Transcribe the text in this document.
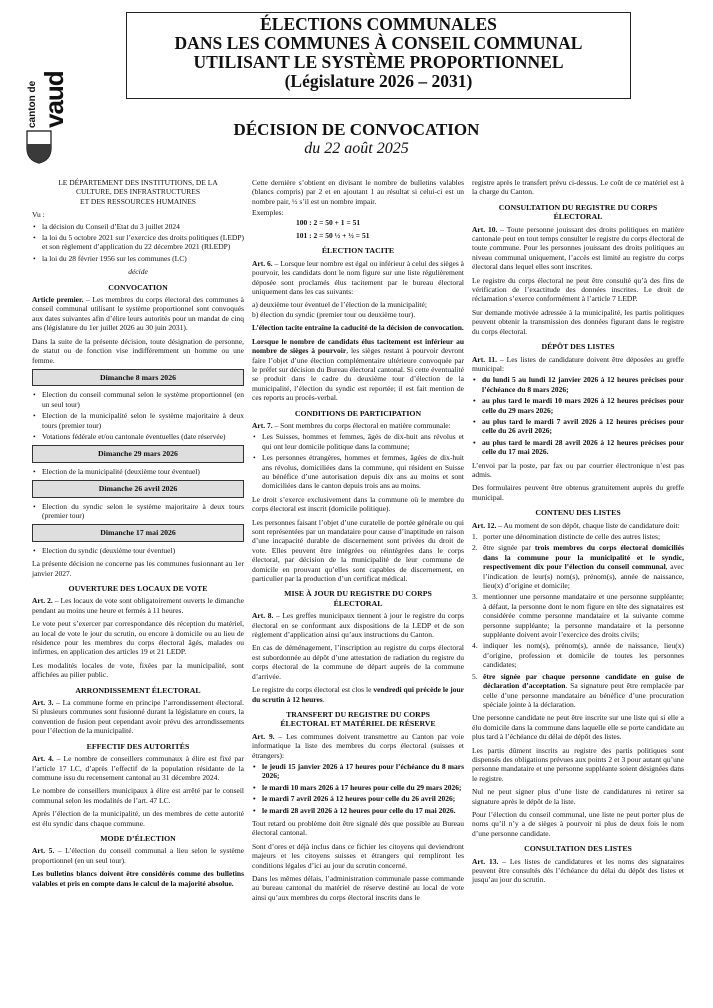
canton de
vaud
ÉLECTIONS COMMUNALES
DANS LES COMMUNES À CONSEIL COMMUNAL
UTILISANT LE SYSTÈME PROPORTIONNEL
(Législature 2026 – 2031)
DÉCISION DE CONVOCATION
du 22 août 2025

LE DÉPARTEMENT DES INSTITUTIONS, DE LA

CULTURE, DES INFRASTRUCTURES

ET DES RESSOURCES HUMAINES

Vu :

• la décision du Conseil d’Etat du 3 juillet 2024
• la loi du 5 octobre 2021 sur l’exercice des droits politiques (LEDP) et son règlement d’application du 22 décembre 2021 (RLEDP)
• la loi du 28 février 1956 sur les communes (LC)
décide
CONVOCATION

Article premier. – Les membres du corps électoral des communes à conseil communal utilisant le système proportionnel sont convoqués aux dates suivantes afin d’élire leurs autorités pour un mandat de cinq ans (législature du 1er juillet 2026 au 30 juin 2031).

Dans la suite de la présente décision, toute désignation de personne, de statut ou de fonction vise indifféremment un homme ou une femme.

Dimanche 8 mars 2026
• Election du conseil communal selon le système proportionnel (en un seul tour)
• Election de la municipalité selon le système majoritaire à deux tours (premier tour)
• Votations fédérale et/ou cantonale éventuelles (date réservée)
Dimanche 29 mars 2026
• Election de la municipalité (deuxième tour éventuel)
Dimanche 26 avril 2026
• Election du syndic selon le système majoritaire à deux tours (premier tour)
Dimanche 17 mai 2026
• Election du syndic (deuxième tour éventuel)

La présente décision ne concerne pas les communes fusionnant au 1er janvier 2027.

OUVERTURE DES LOCAUX DE VOTE

Art. 2. – Les locaux de vote sont obligatoirement ouverts le dimanche pendant au moins une heure et fermés à 11 heures.

Le vote peut s’exercer par correspondance dès réception du matériel, au local de vote le jour du scrutin, ou encore à domicile ou au lieu de résidence pour les membres du corps électoral âgés, malades ou infirmes, en application des articles 19 et 21 LEDP.

Les modalités locales de vote, fixées par la municipalité, sont affichées au pilier public.

ARRONDISSEMENT ÉLECTORAL

Art. 3. – La commune forme en principe l’arrondissement électoral. Si plusieurs communes sont fusionné durant la législature en cours, la convention de fusion peut cependant avoir prévu des arrondissements pour l’élection de la municipalité.

EFFECTIF DES AUTORITÉS

Art. 4. – Le nombre de conseillers communaux à élire est fixé par l’article 17 LC, d’après l’effectif de la population résidante de la commune issu du recensement cantonal au 31 décembre 2024.

Le nombre de conseillers municipaux à élire est arrêté par le conseil communal selon les modalités de l’art. 47 LC.

Après l’élection de la municipalité, un des membres de cette autorité est élu syndic dans chaque commune.

MODE D’ÉLECTION

Art. 5. – L’élection du conseil communal a lieu selon le système proportionnel (en un seul tour).

Les bulletins blancs doivent être considérés comme des bulletins valables et pris en compte dans le calcul de la majorité absolue.

Cette dernière s’obtient en divisant le nombre de bulletins valables (blancs compris) par 2 et en ajoutant 1 au résultat si celui-ci est un nombre pair, ½ s’il est un nombre impair.

Exemples:

100 : 2 = 50 + 1 = 51

101 : 2 = 50 ½ + ½ = 51

ÉLECTION TACITE

Art. 6. – Lorsque leur nombre est égal ou inférieur à celui des sièges à pourvoir, les candidats dont le nom figure sur une liste régulièrement déposée sont proclamés élus tacitement par le bureau électoral uniquement dans les cas suivants:

a) deuxième tour éventuel de l’élection de la municipalité;

b) élection du syndic (premier tour ou deuxième tour).

L’élection tacite entraîne la caducité de la décision de convocation.

Lorsque le nombre de candidats élus tacitement est inférieur au nombre de sièges à pourvoir, les sièges restant à pourvoir devront faire l’objet d’une élection complémentaire ultérieure convoquée par le préfet sur décision du Bureau électoral cantonal. Si cette éventualité se produit dans le cadre du deuxième tour d’élection de la municipalité, l’élection du syndic est reportée; il est fait mention de ces reports au procès-verbal.

CONDITIONS DE PARTICIPATION

Art. 7. – Sont membres du corps électoral en matière communale:

• Les Suisses, hommes et femmes, âgés de dix-huit ans révolus et qui ont leur domicile politique dans la commune;
• Les personnes étrangères, hommes et femmes, âgées de dix-huit ans révolus, domiciliées dans la commune, qui résident en Suisse au bénéfice d’une autorisation depuis dix ans au moins et sont domiciliées dans le canton depuis trois ans au moins.

Le droit s’exerce exclusivement dans la commune où le membre du corps électoral est inscrit (domicile politique).

Les personnes faisant l’objet d’une curatelle de portée générale ou qui sont représentées par un mandataire pour cause d’inaptitude en raison d’une incapacité durable de discernement sont privées du droit de vote. Elles peuvent être intégrées ou réintégrées dans le corps électoral, par décision de la municipalité de leur commune de domicile en prouvant qu’elles sont capables de discernement, en particulier par la production d’un certificat médical.

MISE À JOUR DU REGISTRE DU CORPS
ÉLECTORAL

Art. 8. – Les greffes municipaux tiennent à jour le registre du corps électoral en se conformant aux dispositions de la LEDP et de son règlement d’application ainsi qu’aux instructions du Canton.

En cas de déménagement, l’inscription au registre du corps électoral est subordonnée au dépôt d’une attestation de radiation du registre du corps électoral de la commune de départ auprès de la commune d’arrivée.

Le registre du corps électoral est clos le vendredi qui précède le jour du scrutin à 12 heures.

TRANSFERT DU REGISTRE DU CORPS
ÉLECTORAL ET MATÉRIEL DE RÉSERVE

Art. 9. – Les communes doivent transmettre au Canton par voie informatique la liste des membres du corps électoral (suisses et étrangers):

• le jeudi 15 janvier 2026 à 17 heures pour l’échéance du 8 mars 2026;
• le mardi 10 mars 2026 à 17 heures pour celle du 29 mars 2026;
• le mardi 7 avril 2026 à 12 heures pour celle du 26 avril 2026;
• le mardi 28 avril 2026 à 12 heures pour celle du 17 mai 2026.

Tout retard ou problème doit être signalé dès que possible au Bureau électoral cantonal.

Sont d’ores et déjà inclus dans ce fichier les citoyens qui deviendront majeurs et les citoyens suisses et étrangers qui rempliront les conditions légales d’ici au jour du scrutin concerné.

Dans les mêmes délais, l’administration communale passe commande au bureau cantonal du matériel de réserve destiné au local de vote ainsi qu’aux membres du corps électoral inscrits dans le

registre après le transfert prévu ci-dessus. Le coût de ce matériel est à la charge du Canton.

CONSULTATION DU REGISTRE DU CORPS
ÉLECTORAL

Art. 10. – Toute personne jouissant des droits politiques en matière cantonale peut en tout temps consulter le registre du corps électoral de toute commune. Pour les personnes jouissant des droits politiques au niveau communal uniquement, l’accès est limité au registre du corps électoral dans lequel elles sont inscrites.

Le registre du corps électoral ne peut être consulté qu’à des fins de vérification de l’exactitude des données inscrites. Le droit de réclamation s’exerce conformément à l’article 7 LEDP.

Sur demande motivée adressée à la municipalité, les partis politiques peuvent obtenir la transmission des données figurant dans le registre du corps électoral.

DÉPÔT DES LISTES

Art. 11. – Les listes de candidature doivent être déposées au greffe municipal:

• du lundi 5 au lundi 12 janvier 2026 à 12 heures précises pour l’échéance du 8 mars 2026;
• au plus tard le mardi 10 mars 2026 à 12 heures précises pour celle du 29 mars 2026;
• au plus tard le mardi 7 avril 2026 à 12 heures précises pour celle du 26 avril 2026;
• au plus tard le mardi 28 avril 2026 à 12 heures précises pour celle du 17 mai 2026.

L’envoi par la poste, par fax ou par courrier électronique n’est pas admis.

Des formulaires peuvent être obtenus gratuitement auprès du greffe municipal.

CONTENU DES LISTES

Art. 12. – Au moment de son dépôt, chaque liste de candidature doit:

1. porter une dénomination distincte de celle des autres listes;
2. être signée par trois membres du corps électoral domiciliés dans la commune pour la municipalité et le syndic, respectivement dix pour l’élection du conseil communal, avec l’indication de leur(s) nom(s), prénom(s), année de naissance, lieu(x) d’origine et domicile;
3. mentionner une personne mandataire et une personne suppléante; à défaut, la personne dont le nom figure en tête des signataires est considérée comme personne mandataire et la suivante comme personne suppléante; la personne mandataire et la personne suppléante doivent avoir l’exercice des droits civils;
4. indiquer les nom(s), prénom(s), année de naissance, lieu(x) d’origine, profession et domicile de toutes les personnes candidates;
5. être signée par chaque personne candidate en guise de déclaration d’acceptation. Sa signature peut être remplacée par celle d’une personne mandataire au bénéfice d’une procuration spéciale jointe à la déclaration.

Une personne candidate ne peut être inscrite sur une liste qui si elle a élu domicile dans la commune dans laquelle elle se porte candidate au plus tard à l’échéance du délai de dépôt des listes.

Les partis dûment inscrits au registre des partis politiques sont dispensés des obligations prévues aux points 2 et 3 pour autant qu’une personne mandataire et une personne suppléante soient désignées dans le registre.

Nul ne peut signer plus d’une liste de candidatures ni retirer sa signature après le dépôt de la liste.

Pour l’élection du conseil communal, une liste ne peut porter plus de noms qu’il n’y a de sièges à pourvoir ni plus de deux fois le nom d’une personne candidate.

CONSULTATION DES LISTES

Art. 13. – Les listes de candidatures et les noms des signataires peuvent être consultés dès l’échéance du délai du dépôt des listes et jusqu’au jour du scrutin.
